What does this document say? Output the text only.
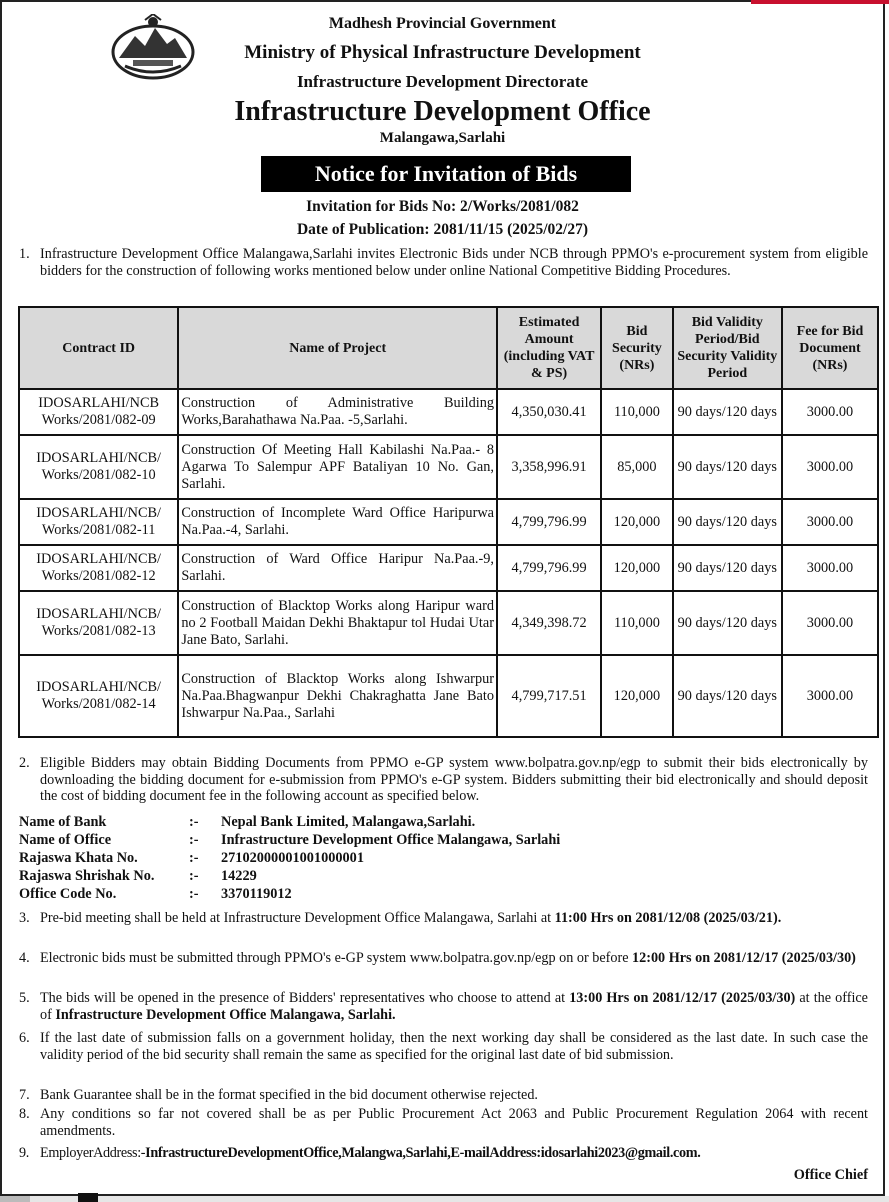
Madhesh Provincial Government
Ministry of Physical Infrastructure Development
Infrastructure Development Directorate
Infrastructure Development Office
Malangawa,Sarlahi
Notice for Invitation of Bids
Invitation for Bids No: 2/Works/2081/082
Date of Publication: 2081/11/15 (2025/02/27)
1. Infrastructure Development Office Malangawa,Sarlahi invites Electronic Bids under NCB through PPMO's e-procurement system from eligible bidders for the construction of following works mentioned below under online National Competitive Bidding Procedures.
Contract ID	Name of Project	Estimated Amount (including VAT & PS)	Bid Security (NRs)	Bid Validity Period/Bid Security Validity Period	Fee for Bid Document (NRs)
IDOSARLAHI/NCB Works/2081/082-09	Construction of Administrative Building Works,Barahathawa Na.Paa. -5,Sarlahi.	4,350,030.41	110,000	90 days/120 days	3000.00
IDOSARLAHI/NCB/ Works/2081/082-10	Construction Of Meeting Hall Kabilashi Na.Paa.- 8 Agarwa To Salempur APF Bataliyan 10 No. Gan, Sarlahi.	3,358,996.91	85,000	90 days/120 days	3000.00
IDOSARLAHI/NCB/ Works/2081/082-11	Construction of Incomplete Ward Office Haripurwa Na.Paa.-4, Sarlahi.	4,799,796.99	120,000	90 days/120 days	3000.00
IDOSARLAHI/NCB/ Works/2081/082-12	Construction of Ward Office Haripur Na.Paa.-9, Sarlahi.	4,799,796.99	120,000	90 days/120 days	3000.00
IDOSARLAHI/NCB/ Works/2081/082-13	Construction of Blacktop Works along Haripur ward no 2 Football Maidan Dekhi Bhaktapur tol Hudai Utar Jane Bato, Sarlahi.	4,349,398.72	110,000	90 days/120 days	3000.00
IDOSARLAHI/NCB/ Works/2081/082-14	Construction of Blacktop Works along Ishwarpur Na.Paa.Bhagwanpur Dekhi Chakraghatta Jane Bato Ishwarpur Na.Paa., Sarlahi	4,799,717.51	120,000	90 days/120 days	3000.00
2. Eligible Bidders may obtain Bidding Documents from PPMO e-GP system www.bolpatra.gov.np/egp to submit their bids electronically by downloading the bidding document for e-submission from PPMO's e-GP system. Bidders submitting their bid electronically and should deposit the cost of bidding document fee in the following account as specified below.
Name of Bank	:- Nepal Bank Limited, Malangawa,Sarlahi.
Name of Office	:- Infrastructure Development Office Malangawa, Sarlahi
Rajaswa Khata No.	:- 27102000001001000001
Rajaswa Shrishak No. :- 14229
Office Code No.	:- 3370119012
3. Pre-bid meeting shall be held at Infrastructure Development Office Malangawa, Sarlahi at 11:00 Hrs on 2081/12/08 (2025/03/21).
4. Electronic bids must be submitted through PPMO's e-GP system www.bolpatra.gov.np/egp on or before 12:00 Hrs on 2081/12/17 (2025/03/30)
5. The bids will be opened in the presence of Bidders' representatives who choose to attend at 13:00 Hrs on 2081/12/17 (2025/03/30) at the office of Infrastructure Development Office Malangawa, Sarlahi.
6. If the last date of submission falls on a government holiday, then the next working day shall be considered as the last date. In such case the validity period of the bid security shall remain the same as specified for the original last date of bid submission.
7. Bank Guarantee shall be in the format specified in the bid document otherwise rejected.
8. Any conditions so far not covered shall be as per Public Procurement Act 2063 and Public Procurement Regulation 2064 with recent amendments.
9. EmployerAddress:-InfrastructureDevelopmentOffice,Malangwa,Sarlahi,E-mailAddress:idosarlahi2023@gmail.com.
Office Chief
